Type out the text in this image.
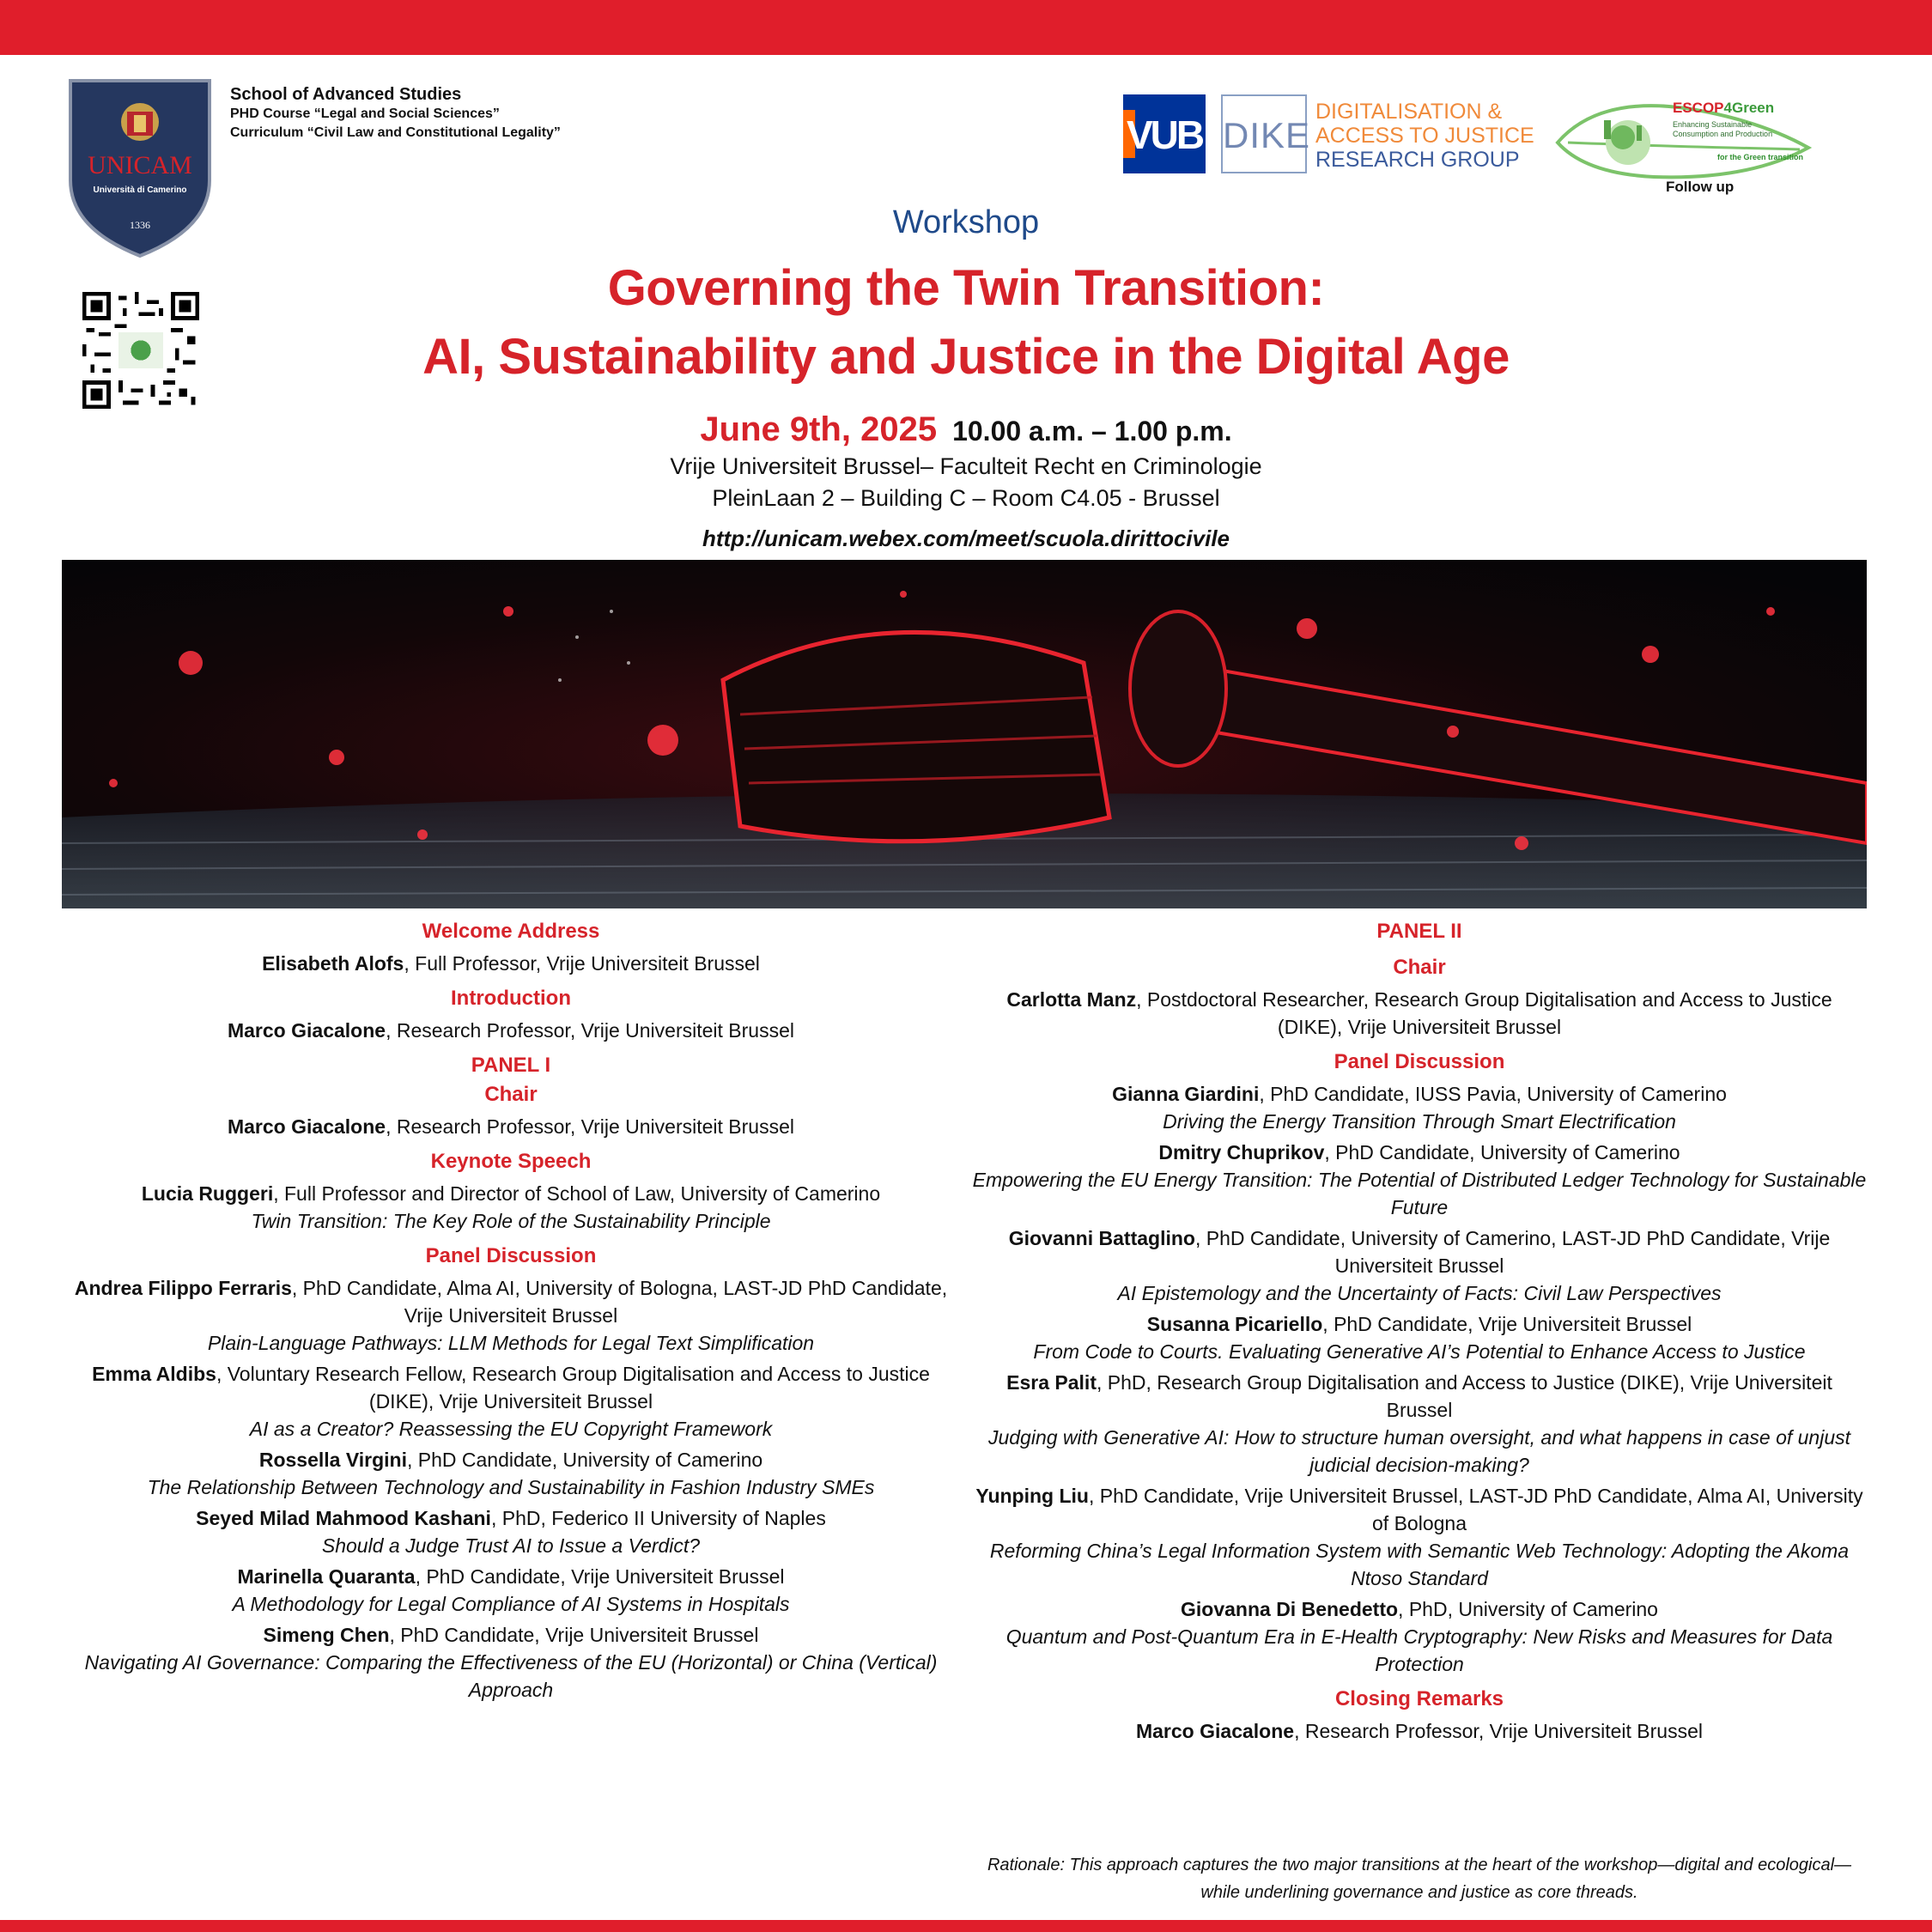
UNICAM
Università di Camerino
1336
School of Advanced Studies
PHD Course “Legal and Social Sciences”
Curriculum “Civil Law and Constitutional Legality”	VUB DIKE
DIGITALISATION &
ACCESS TO JUSTICE
RESEARCH GROUP
ESCOP4Green
Enhancing Sustainable
Consumption and Production
for the Green transition
Follow up
Workshop
Governing the Twin Transition:
AI, Sustainability and Justice in the Digital Age
June 9th, 2025 10.00 a.m. – 1.00 p.m.
Vrije Universiteit Brussel– Faculteit Recht en Criminologie
PleinLaan 2 – Building C – Room C4.05 - Brussel
http://unicam.webex.com/meet/scuola.dirittocivile
Welcome Address
Elisabeth Alofs, Full Professor, Vrije Universiteit Brussel
Introduction
Marco Giacalone, Research Professor, Vrije Universiteit Brussel
PANEL I
Chair
Marco Giacalone, Research Professor, Vrije Universiteit Brussel
Keynote Speech
Lucia Ruggeri, Full Professor and Director of School of Law, University of Camerino
Twin Transition: The Key Role of the Sustainability Principle
Panel Discussion
Andrea Filippo Ferraris, PhD Candidate, Alma AI, University of Bologna, LAST-JD PhD Candidate, Vrije Universiteit Brussel
Plain-Language Pathways: LLM Methods for Legal Text Simplification
Emma Aldibs, Voluntary Research Fellow, Research Group Digitalisation and Access to Justice (DIKE), Vrije Universiteit Brussel
AI as a Creator? Reassessing the EU Copyright Framework
Rossella Virgini, PhD Candidate, University of Camerino
The Relationship Between Technology and Sustainability in Fashion Industry SMEs
Seyed Milad Mahmood Kashani, PhD, Federico II University of Naples
Should a Judge Trust AI to Issue a Verdict?
Marinella Quaranta, PhD Candidate, Vrije Universiteit Brussel
A Methodology for Legal Compliance of AI Systems in Hospitals
Simeng Chen, PhD Candidate, Vrije Universiteit Brussel
Navigating AI Governance: Comparing the Effectiveness of the EU (Horizontal) or China (Vertical) Approach
PANEL II
Chair
Carlotta Manz, Postdoctoral Researcher, Research Group Digitalisation and Access to Justice (DIKE), Vrije Universiteit Brussel
Panel Discussion
Gianna Giardini, PhD Candidate, IUSS Pavia, University of Camerino
Driving the Energy Transition Through Smart Electrification
Dmitry Chuprikov, PhD Candidate, University of Camerino
Empowering the EU Energy Transition: The Potential of Distributed Ledger Technology for Sustainable Future
Giovanni Battaglino, PhD Candidate, University of Camerino, LAST-JD PhD Candidate, Vrije Universiteit Brussel
AI Epistemology and the Uncertainty of Facts: Civil Law Perspectives
Susanna Picariello, PhD Candidate, Vrije Universiteit Brussel
From Code to Courts. Evaluating Generative AI’s Potential to Enhance Access to Justice
Esra Palit, PhD, Research Group Digitalisation and Access to Justice (DIKE), Vrije Universiteit Brussel
Judging with Generative AI: How to structure human oversight, and what happens in case of unjust judicial decision-making?
Yunping Liu, PhD Candidate, Vrije Universiteit Brussel, LAST-JD PhD Candidate, Alma AI, University of Bologna
Reforming China’s Legal Information System with Semantic Web Technology: Adopting the Akoma Ntoso Standard
Giovanna Di Benedetto, PhD, University of Camerino
Quantum and Post-Quantum Era in E-Health Cryptography: New Risks and Measures for Data Protection
Closing Remarks
Marco Giacalone, Research Professor, Vrije Universiteit Brussel
Rationale: This approach captures the two major transitions at the heart of the workshop—digital and ecological—while underlining governance and justice as core threads.
